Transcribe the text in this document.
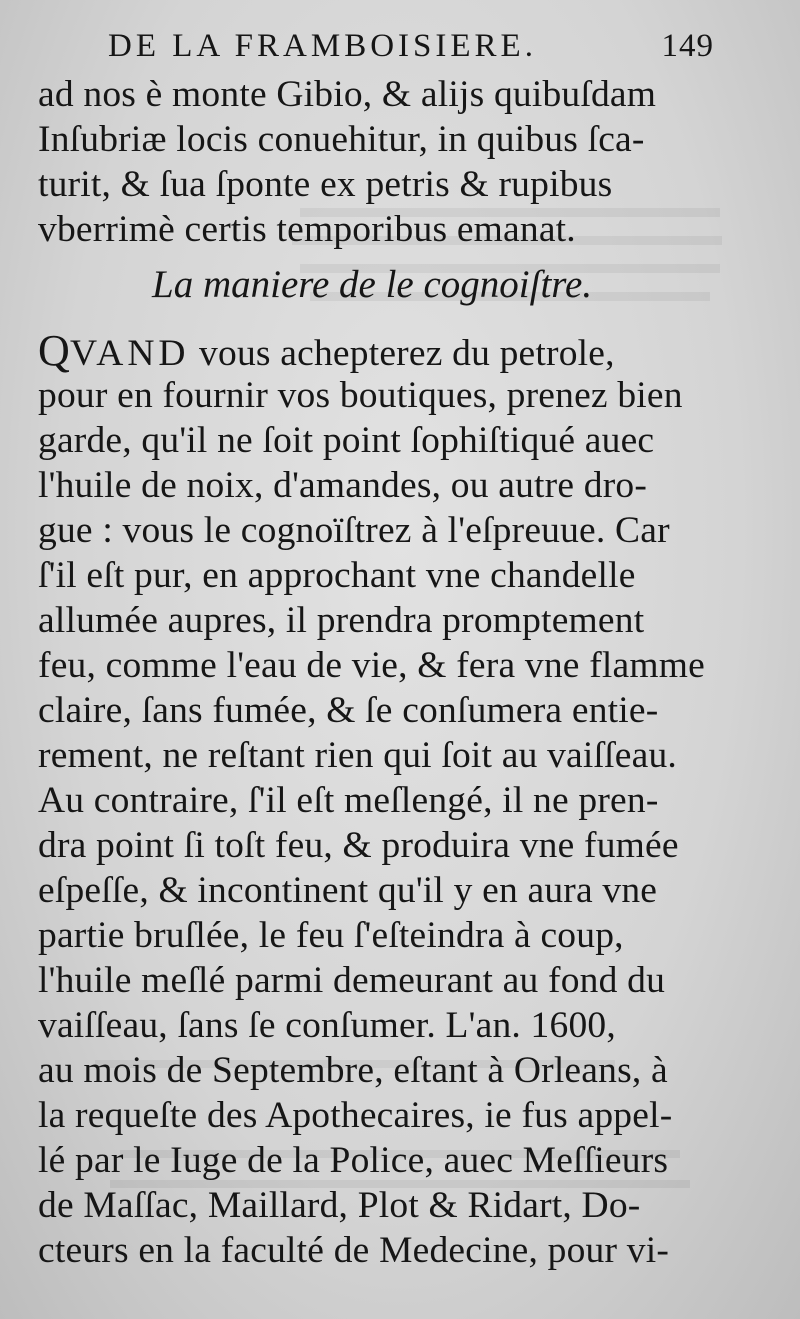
DE LA FRAMBOISIERE.	149
ad nos è monte Gibio, & alijs quibuſdam
Inſubriæ locis conuehitur, in quibus ſca-
turit, & ſua ſponte ex petris & rupibus
vberrimè certis temporibus emanat.
La maniere de le cognoiſtre.
QVAND vous achepterez du petrole,
pour en fournir vos boutiques, prenez bien
garde, qu'il ne ſoit point ſophiſtiqué auec
l'huile de noix, d'amandes, ou autre dro-
gue : vous le cognoïſtrez à l'eſpreuue. Car
ſ'il eſt pur, en approchant vne chandelle
allumée aupres, il prendra promptement
feu, comme l'eau de vie, & fera vne flamme
claire, ſans fumée, & ſe conſumera entie-
rement, ne reſtant rien qui ſoit au vaiſſeau.
Au contraire, ſ'il eſt meſlengé, il ne pren-
dra point ſi toſt feu, & produira vne fumée
eſpeſſe, & incontinent qu'il y en aura vne
partie bruſlée, le feu ſ'eſteindra à coup,
l'huile meſlé parmi demeurant au fond du
vaiſſeau, ſans ſe conſumer. L'an. 1600,
au mois de Septembre, eſtant à Orleans, à
la requeſte des Apothecaires, ie fus appel-
lé par le Iuge de la Police, auec Meſſieurs
de Maſſac, Maillard, Plot & Ridart, Do-
cteurs en la faculté de Medecine, pour vi-
